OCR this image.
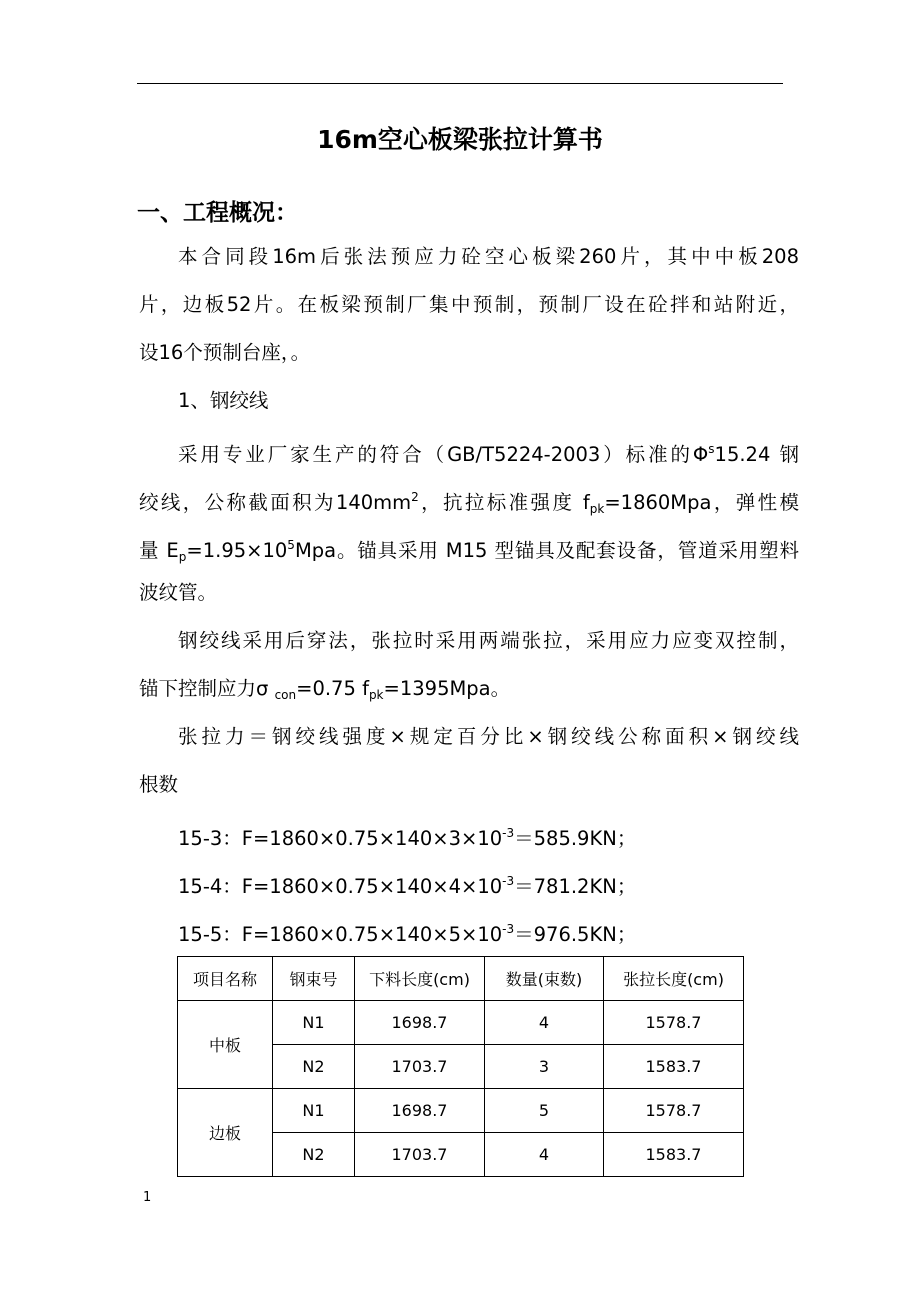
16m空心板梁张拉计算书
一、工程概况：
本合同段16m后张法预应力砼空心板梁260片，其中中板208
片，边板52片。在板梁预制厂集中预制，预制厂设在砼拌和站附近，
设16个预制台座，。
1、钢绞线
采用专业厂家生产的符合（GB/T5224-2003）标准的$\Phi^s15.24$ 钢
绞线，公称截面积为$140mm^2$，抗拉标准强度 $f_{pk}=1860Mpa$，弹性模
量 $E_p=1.95\times 10^5Mpa$。锚具采用 M15 型锚具及配套设备，管道采用塑料
波纹管。
钢绞线采用后穿法，张拉时采用两端张拉，采用应力应变双控制，
锚下控制应力σ $_{con}$=0.75 $f_{pk}=1395Mpa$。
张拉力＝钢绞线强度×规定百分比×钢绞线公称面积×钢绞线
根数
15-3：$F=1860\times 0.75\times 140\times 3\times 10^{-3}=585.9KN$；
15-4：$F=1860\times 0.75\times 140\times 4\times 10^{-3}=781.2KN$；
15-5：$F=1860\times 0.75\times 140\times 5\times 10^{-3}=976.5KN$；
项目名称	钢束号	下料长度(cm)	数量(束数)	张拉长度(cm)
中板	N1	1698.7	4	1578.7
	N2	1703.7	3	1583.7
边板	N1	1698.7	5	1578.7
	N2	1703.7	4	1583.7
1
